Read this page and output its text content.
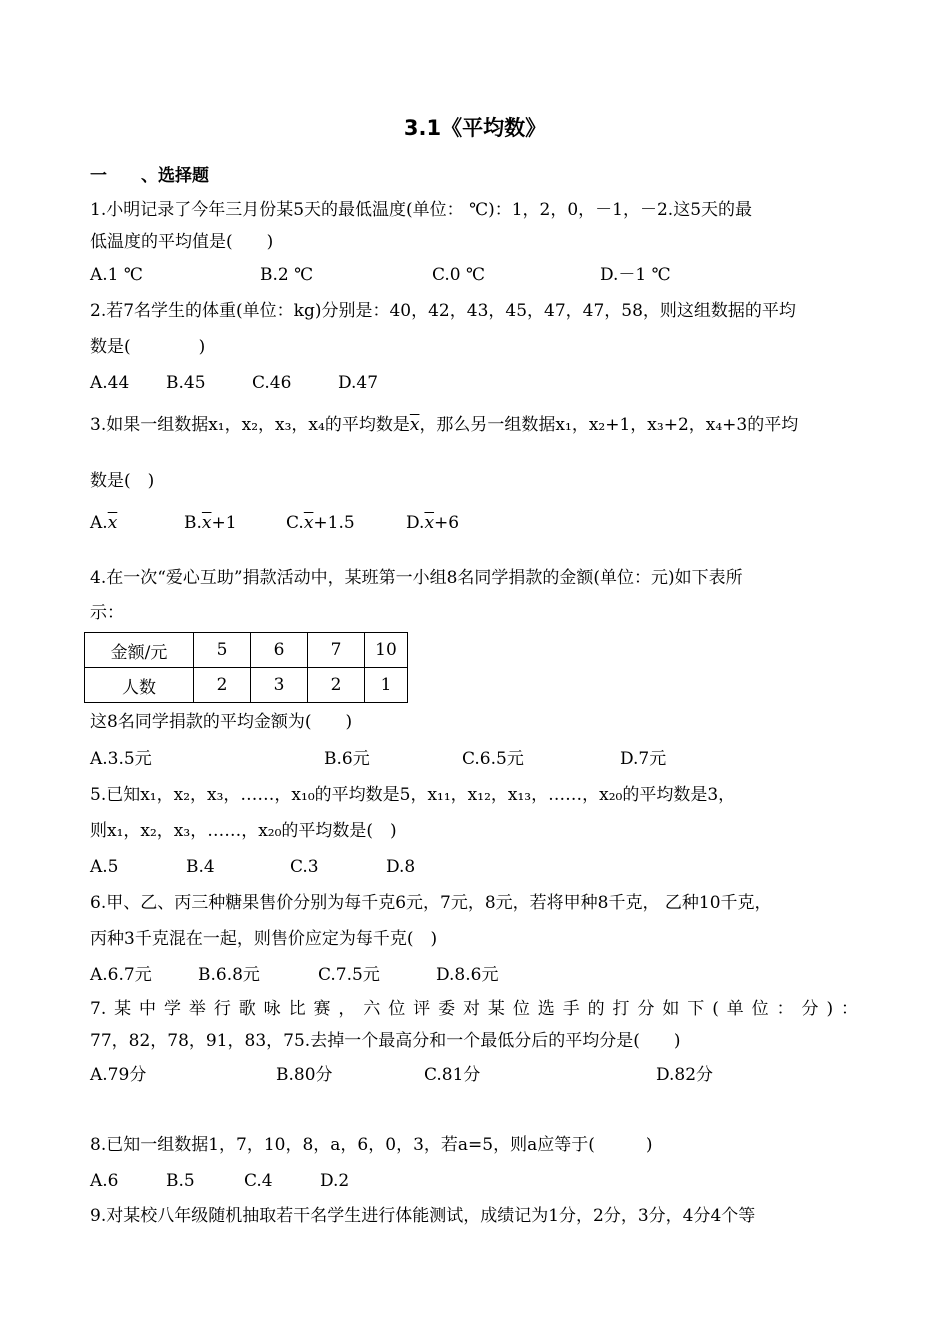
3.1《平均数》
一　　、选择题
1.小明记录了今年三月份某5天的最低温度(单位： ℃)：1，2，0，－1，－2.这5天的最
低温度的平均值是(　　)
A.1 ℃	B.2 ℃	C.0 ℃	D.－1 ℃
2.若7名学生的体重(单位：kg)分别是：40，42，43，45，47，47，58，则这组数据的平均
数是(　　　　)
A.44 B.45	C.46	D.47
3.如果一组数据x₁，x₂，x₃，x₄的平均数是$\overline{x}$，那么另一组数据x₁，x₂+1，x₃+2，x₄+3的平均
数是(　)
$A.\overline{x}$	$B.\overline{x}+1$	$C.\overline{x}+1.5$	$D.\overline{x}+6$
4.在一次“爱心互助”捐款活动中，某班第一小组8名同学捐款的金额(单位：元)如下表所
示：
金额/元	5	6	7	10
人数	2	3	2	1
这8名同学捐款的平均金额为(　　)
A.3.5元	B.6元	C.6.5元	D.7元
5.已知x₁，x₂，x₃，……，x₁₀的平均数是5，x₁₁，x₁₂，x₁₃，……，x₂₀的平均数是3，
则x₁，x₂，x₃，……，x₂₀的平均数是(　)
A.5	B.4	C.3	D.8
6.甲、乙、丙三种糖果售价分别为每千克6元，7元，8元，若将甲种8千克， 乙种10千克，
丙种3千克混在一起，则售价应定为每千克(　)
A.6.7元	B.6.8元	C.7.5元	D.8.6元
7.某中学举行歌咏比赛，六位评委对某位选手的打分如下(单位：分)：
77，82，78，91，83，75.去掉一个最高分和一个最低分后的平均分是(　　)
A.79分	B.80分	C.81分	D.82分
8.已知一组数据1，7，10，8，a，6，0，3，若a=5，则a应等于(　　　)
A.6	B.5	C.4	D.2
9.对某校八年级随机抽取若干名学生进行体能测试，成绩记为1分，2分，3分，4分4个等
